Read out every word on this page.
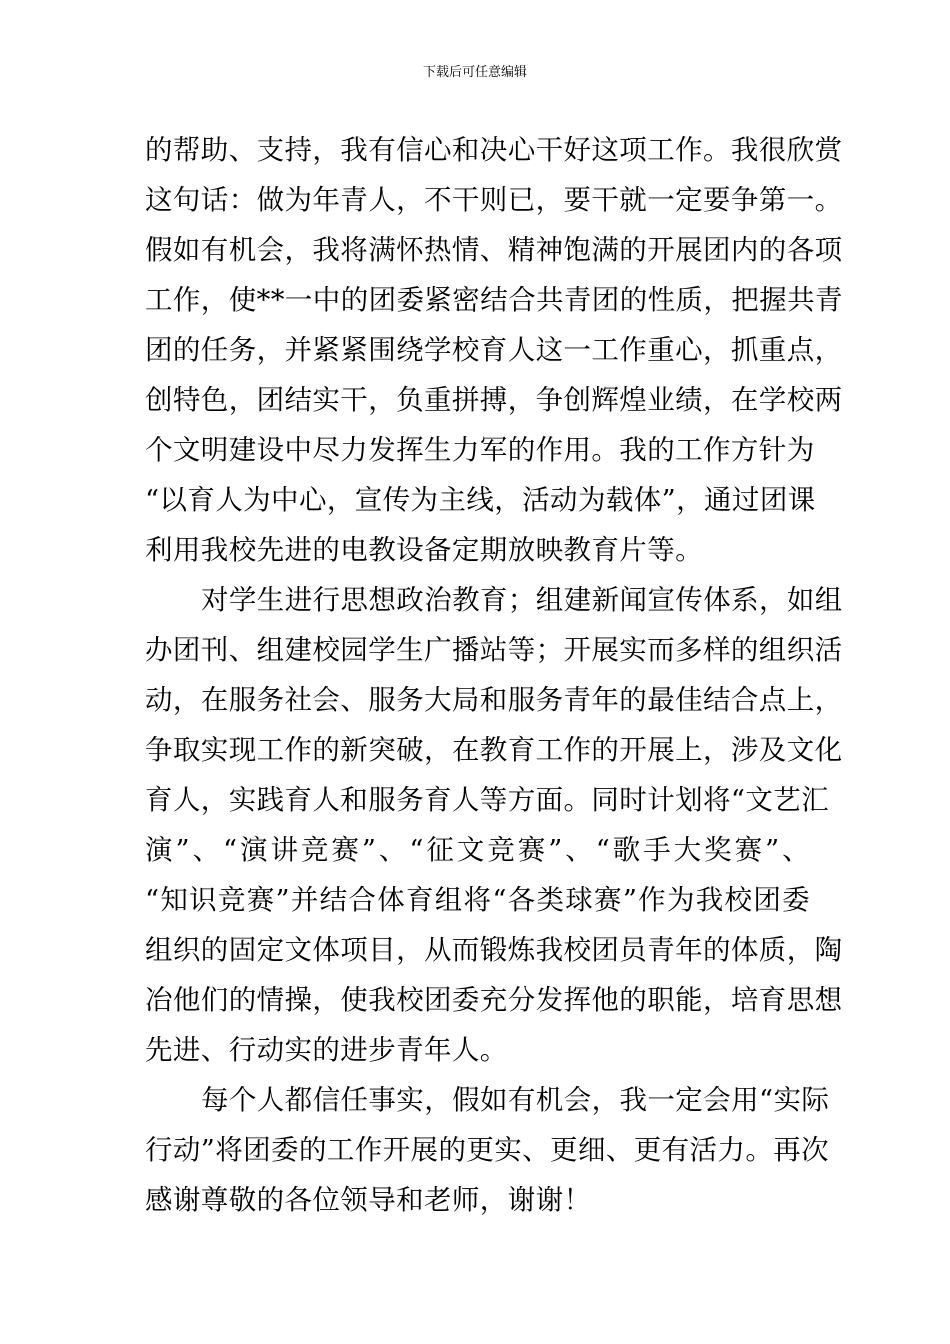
下载后可任意编辑
的帮助、支持，我有信心和决心干好这项工作。我很欣赏
这句话：做为年青人，不干则已，要干就一定要争第一。
假如有机会，我将满怀热情、精神饱满的开展团内的各项
工作，使**一中的团委紧密结合共青团的性质，把握共青
团的任务，并紧紧围绕学校育人这一工作重心，抓重点，
创特色，团结实干，负重拼搏，争创辉煌业绩，在学校两
个文明建设中尽力发挥生力军的作用。我的工作方针为
“以育人为中心，宣传为主线，活动为载体”，通过团课
利用我校先进的电教设备定期放映教育片等。
对学生进行思想政治教育；组建新闻宣传体系，如组
办团刊、组建校园学生广播站等；开展实而多样的组织活
动，在服务社会、服务大局和服务青年的最佳结合点上，
争取实现工作的新突破，在教育工作的开展上，涉及文化
育人，实践育人和服务育人等方面。同时计划将“文艺汇
演”、“演讲竞赛”、“征文竞赛”、“歌手大奖赛”、
“知识竞赛”并结合体育组将“各类球赛”作为我校团委
组织的固定文体项目，从而锻炼我校团员青年的体质，陶
冶他们的情操，使我校团委充分发挥他的职能，培育思想
先进、行动实的进步青年人。
每个人都信任事实，假如有机会，我一定会用“实际
行动”将团委的工作开展的更实、更细、更有活力。再次
感谢尊敬的各位领导和老师，谢谢！
